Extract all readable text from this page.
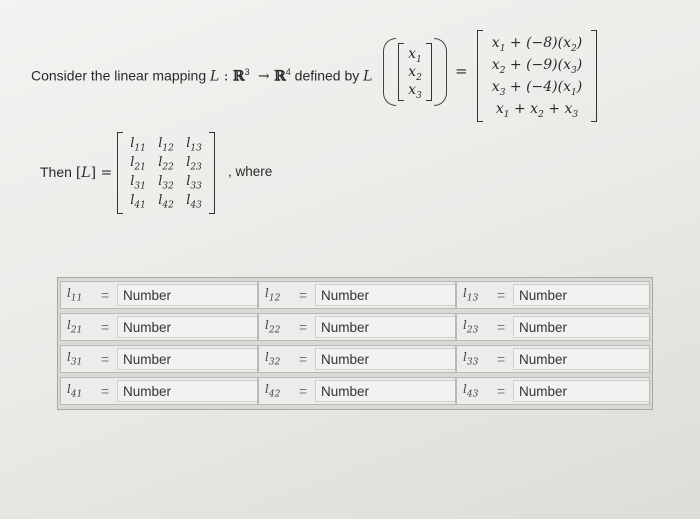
Consider the linear mapping L : ℝ$^3$  → ℝ$^4$ defined by L
$x_1$
$x_2$
$x_3$
=
$x_1 + (-8)(x_2)$
$x_2 + (-9)(x_3)$
$x_3 + (-4)(x_1)$
$x_1 + x_2 + x_3$
Then [L] =
$l_{11}$ $l_{12}$ $l_{13}$
$l_{21}$ $l_{22}$ $l_{23}$
$l_{31}$ $l_{32}$ $l_{33}$
$l_{41}$ $l_{42}$ $l_{43}$
, where
$l_{11}$	=	Number	$l_{12}$	=	Number	$l_{13}$	=	Number
$l_{21}$	=	Number	$l_{22}$	=	Number	$l_{23}$	=	Number
$l_{31}$	=	Number	$l_{32}$	=	Number	$l_{33}$	=	Number
$l_{41}$	=	Number	$l_{42}$	=	Number	$l_{43}$	=	Number
